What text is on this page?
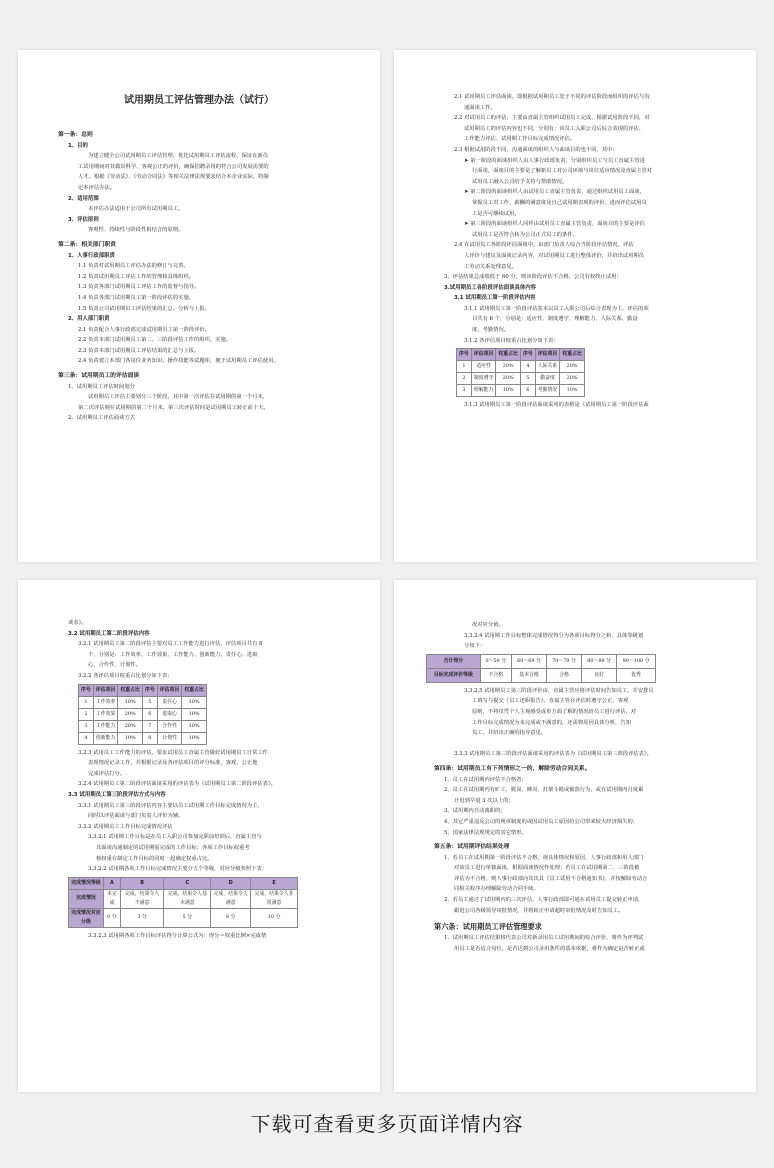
试用期员工评估管理办法（试行）
第一条：总则
1、目的
为建立健全公司试用期员工评估管理，优化试用期员工评估流程，保证在新员
工试用期间对其做出科学、客观公正的评价，确保招聘录用的符合公司发展需要的
人才。根据《劳动法》、《劳动合同法》等相关法律法规要求结合本企业实际，特制
定本评估办法。
2、适用范围
本评估办法适用于公司所有试用期员工。
3、评估原则
客观性、持续性与阶段性相结合的原则。
第二条：相关部门职责
1、人事行政部职责
1.1 负责对试用期员工评估办法的修订与完善。
1.2 负责试用期员工评估工作的管理和具体组织。
1.3 负责各部门试用期员工评估工作的监督与指导。
1.4 负责各部门试用期员工第一阶段评估的实施。
1.5 负责公司试用期员工评估结果的汇总、分析与上报。
2、用人部门职责
2.1 负责配合人事行政部完成试用期员工第一阶段评价。
2.2 负责本部门试用期员工第二、三阶段评估工作的组织、实施。
2.3 负责本部门试用期员工评估结果的汇总与上报。
2.4 负责建立本部门各岗位业务知识、操作技能等试题库，便于试用期员工评估使用。
第三条：试用期员工的评估面谈
1、试用期员工评估时间划分
试用期员工评估主要划分三个阶段，其中第一次评估在试用期的第一个月末，
第二次评估则在试用期的第二个月末，第三次评估时间是试用期员工转正前十天。
2、试用期员工评估面谈方式
2.1 试用期员工评估面谈，即根据试用期员工处于不同的评估阶段而组织的评估与沟
通面谈工作。
2.2 对试用员工的评估，主要由直属主管组织试用员工完成，根据试用阶段不同，对
试用期员工的评估内容也不同，分别有：该员工入职公司后综合表现的评估、
工作能力评估、试用期工作目标完成情况评估。
2.3 根据试用阶段不同，沟通面谈的组织人与面谈目的也不同，其中：
➤ 第一阶段的面谈组织人由人事行政部负责，分别组织员工与员工直属主管进
行面谈，面谈目的主要是了解新员工对公司环境与岗位适应情况及直属主管对
试用员工融入公司给予支持与帮助情况。
➤ 第二阶段的面谈组织人由试用员工直属主管负责，通过组织试用员工面谈，
掌握员工对工作、薪酬的满意度及自己试用期表现的评价，进而评估试用员
工是否可继续试用。
➤ 第三阶段的面谈组织人同样由试用员工直属主管负责，面谈目的主要是评估
试用员工是否符合转为公司正式员工的条件。
2.4 在试用员工各阶段评估面谈中，由部门负责人综合当阶段评估情况、评估
人评价与建议及面谈记录内容，对试用期员工进行整体评价，并给出试用期员
工劳动关系处理意见。
3、评估结果总成绩低于 60 分，则该阶段评估不合格，公司有权终止试用：
3.试用期员工各阶段评估面谈具体内容
3.1 试用期员工第一阶段评估内容
3.1.1 试用期员工第一阶段评估基本以员工入职公司后综合表现为主，评估的项
目共有 6 个，分别是：适应性、制度遵守、理解能力、人际关系、勤奋
度、考勤情况。
3.1.2 各评估项目权重占比划分如下表：
序号	评估项目	权重占比	序号	评估项目	权重占比
1	适应性	20%	4	人际关系	20%
2	制度遵守	20%	5	勤奋度	20%
3	理解能力	10%	6	考勤情况	10%
3.1.3 试用期员工第一阶段评估面谈采用的表格是《试用期员工第一阶段评估面
谈表》。
3.2 试用期员工第二阶段评估内容
3.2.1 试用期员工第二阶段评估主要对员工工作能力进行评估，评估项目共有 8
个，分别是：工作效率、工作效果、工作能力、创新能力、责任心、进取
心、合作性、计划性。
3.2.2 各评估项目权重占比划分如下表：
序号	评估项目	权重占比	序号	评估项目	权重占比
1	工作效率	10%	5	责任心	10%
2	工作效果	20%	6	进取心	10%
3	工作能力	20%	7	合作性	10%
4	创新能力	10%	8	计划性	10%
3.2.3 试用员工工作能力的评估，要求试用员工直属主管做好试用期员工日常工作
表现情况记录工作，并根据记录及各评估项目的评分标准，客观、公正地
完成评估打分。
3.2.4 试用期员工第二阶段评估面谈采用的评估表为《试用期员工第二阶段评估表》。
3.3 试用期员工第三阶段评估方式与内容
3.3.1 试用期员工第三阶段评估内容主要以员工试用期工作目标完成情况为主，
同时以评估面谈与部门负责人评价为辅。
3.3.2 试用期员工工作目标完成情况评估
3.3.2.1 试用期工作目标是在员工入职公司参加完职前培训后，直属主管与
其面谈沟通制定的试用期需完成的工作目标；各项工作目标权重考
核权重在制定工作目标的同时一起确定权重占比。
3.3.2.2 试用期各项工作目标完成情况主要分五个等级，对应分级参照下表：
完成情况等级	A	B	C	D	E
完成情况	未完成	完成，结果令人不满意	完成，结果令人基本满意	完成，结果令人满意	完成，结果令人非常满意
完成情况对应分级	0 分	3 分	5 分	8 分	10 分
3.3.2.3 试用期各项工作目标评估得分计算公式为：得分＝权重比例×完成情
况对应分值。
3.3.2.4 试用期工作目标整体完成情况得分为各项目标得分之和，具体等级划
分如下：
合计得分	0～59 分	60～69 分	70～79 分	80～89 分	90～100 分
目标完成评价等级	不合格	基本合格	合格	良好	优秀
3.3.2.5 试用期员工第三阶段评价由，直属主管应将评估时间告知员工，并安排员
工填写与提交《员工述职报告》，直属主管在评估时遵守公正、客观
原则，不将仅凭个人主观感受或单方面了解的情况给员工进行评估，对
工作目标完成情况为未完成或不满意的，还需将原因具体分析，告知
员工，并给出正确的指导意见。

3.3.3 试用期员工第三阶段评估面谈采用的评估表为《试用期员工第三阶段评估表》。
第四条：试用期员工有下列情形之一的，解除劳动合同关系。
1、员工在试用期内评估不合格者；
2、员工在试用期内有旷工、脱岗、睡岗、打架斗殴或偷盗行为，或在试用期内月度累
计迟到早退 3 次以上的；
3、试用期内自动离职的；
4、其它严重违反公司的规章制度的或因试用员工原因给公司带来较大经济损失的；
5、国家法律法规规定的其它情形。
第五条：试用期评估结果处理
1、若员工在试用期第一阶段评估不合格，视具体情况和原因，人事行政部和用人部门
对该员工进行单独面谈，根据面谈情况作处理；若员工在试用期第二、三阶段被
评估为不合格，则人事行政部向其出具《员工试用不合格通知书》，并按解除劳动合
同相关程序办理解除劳动合同手续。
2、若员工通过了试用期内的三次评估，人事行政部即可通在试用员工提交转正申请，
跟进公司各级领导审批情况，并将转正申请超时审批情况及时告知员工。
第六条：试用期员工评估管理要求
1、试用期员工评估结果将代表公司对新录用员工试用期间的综合评价，将作为评判试
用员工是否适合岗位，是否达到公司录用条件的基本依据，将作为确定是否转正或
下载可查看更多页面详情内容
